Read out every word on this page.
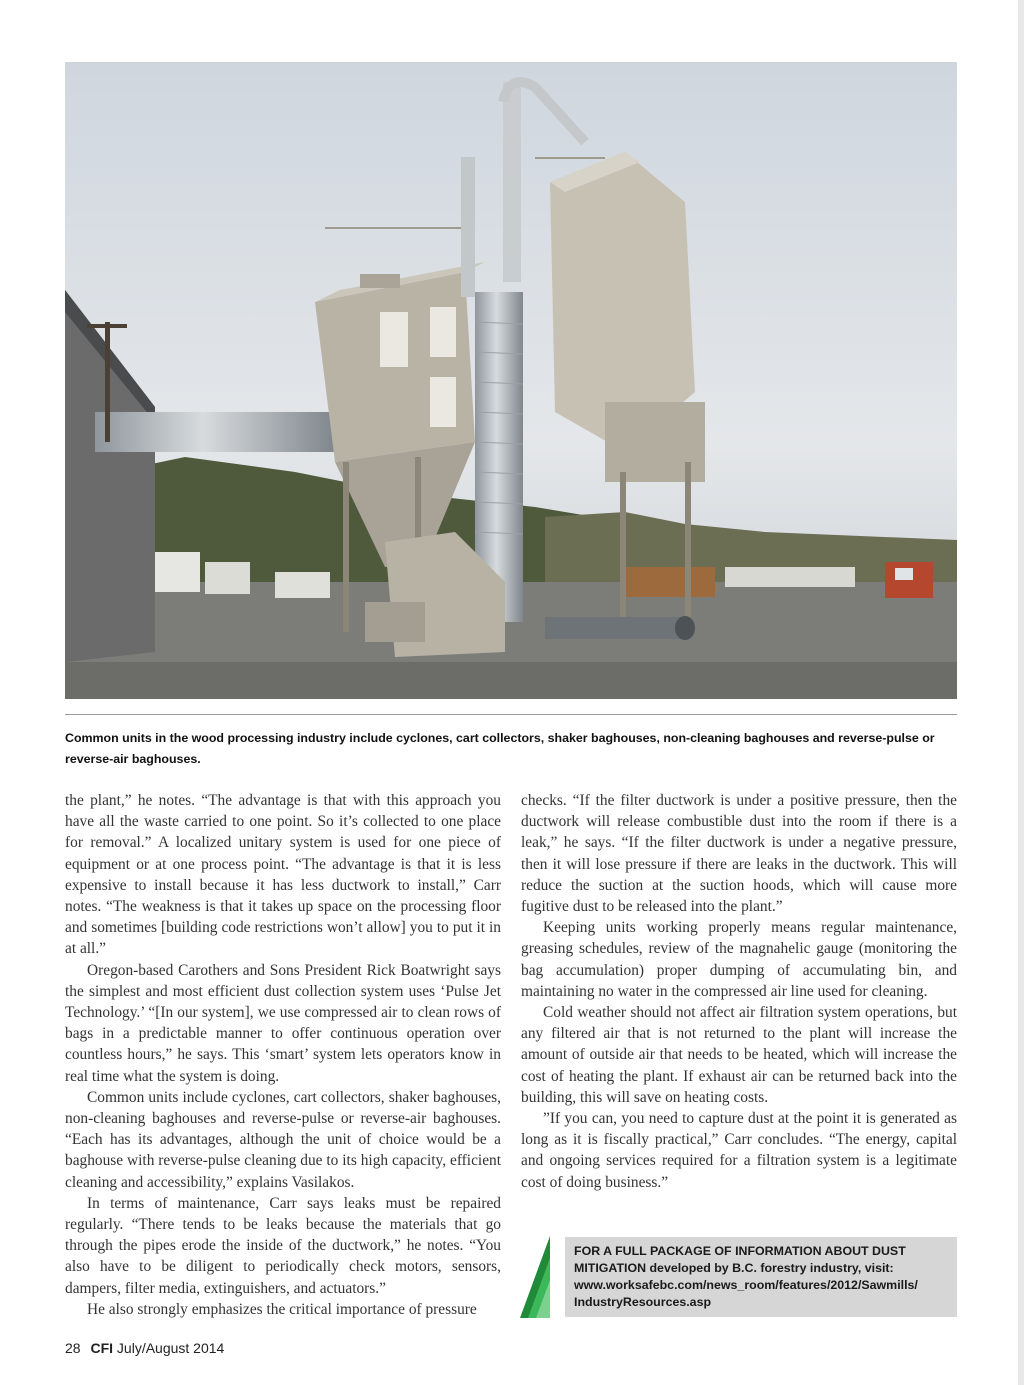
Common units in the wood processing industry include cyclones, cart collectors, shaker baghouses, non-cleaning baghouses and reverse-pulse or reverse-air baghouses.

the plant,” he notes. “The advantage is that with this approach you have all the waste carried to one point. So it’s collected to one place for removal.” A localized unitary system is used for one piece of equipment or at one process point. “The advantage is that it is less expensive to install because it has less ductwork to install,” Carr notes. “The weakness is that it takes up space on the processing floor and sometimes [building code restrictions won’t allow] you to put it in at all.”

Oregon-based Carothers and Sons President Rick Boatwright says the simplest and most efficient dust collection system uses ‘Pulse Jet Technology.’ “[In our system], we use compressed air to clean rows of bags in a predictable manner to offer continuous operation over countless hours,” he says. This ‘smart’ system lets operators know in real time what the system is doing.

Common units include cyclones, cart collectors, shaker baghouses, non-cleaning baghouses and reverse-pulse or reverse-air baghouses. “Each has its advantages, although the unit of choice would be a baghouse with reverse-pulse cleaning due to its high capacity, efficient cleaning and accessibility,” explains Vasilakos.

In terms of maintenance, Carr says leaks must be repaired regularly. “There tends to be leaks because the materials that go through the pipes erode the inside of the ductwork,” he notes. “You also have to be diligent to periodically check motors, sensors, dampers, filter media, extinguishers, and actuators.”

He also strongly emphasizes the critical importance of pressure

checks. “If the filter ductwork is under a positive pressure, then the ductwork will release combustible dust into the room if there is a leak,” he says. “If the filter ductwork is under a negative pressure, then it will lose pressure if there are leaks in the ductwork. This will reduce the suction at the suction hoods, which will cause more fugitive dust to be released into the plant.”

Keeping units working properly means regular maintenance, greasing schedules, review of the magnahelic gauge (monitoring the bag accumulation) proper dumping of accumulating bin, and maintaining no water in the compressed air line used for cleaning.

Cold weather should not affect air filtration system operations, but any filtered air that is not returned to the plant will increase the amount of outside air that needs to be heated, which will increase the cost of heating the plant. If exhaust air can be returned back into the building, this will save on heating costs.

”If you can, you need to capture dust at the point it is generated as long as it is fiscally practical,” Carr concludes. “The energy, capital and ongoing services required for a filtration system is a legitimate cost of doing business.”

FOR A FULL PACKAGE OF INFORMATION ABOUT DUST
MITIGATION developed by B.C. forestry industry, visit:
www.worksafebc.com/news_room/features/2012/Sawmills/
IndustryResources.asp
28 CFI July/August 2014
